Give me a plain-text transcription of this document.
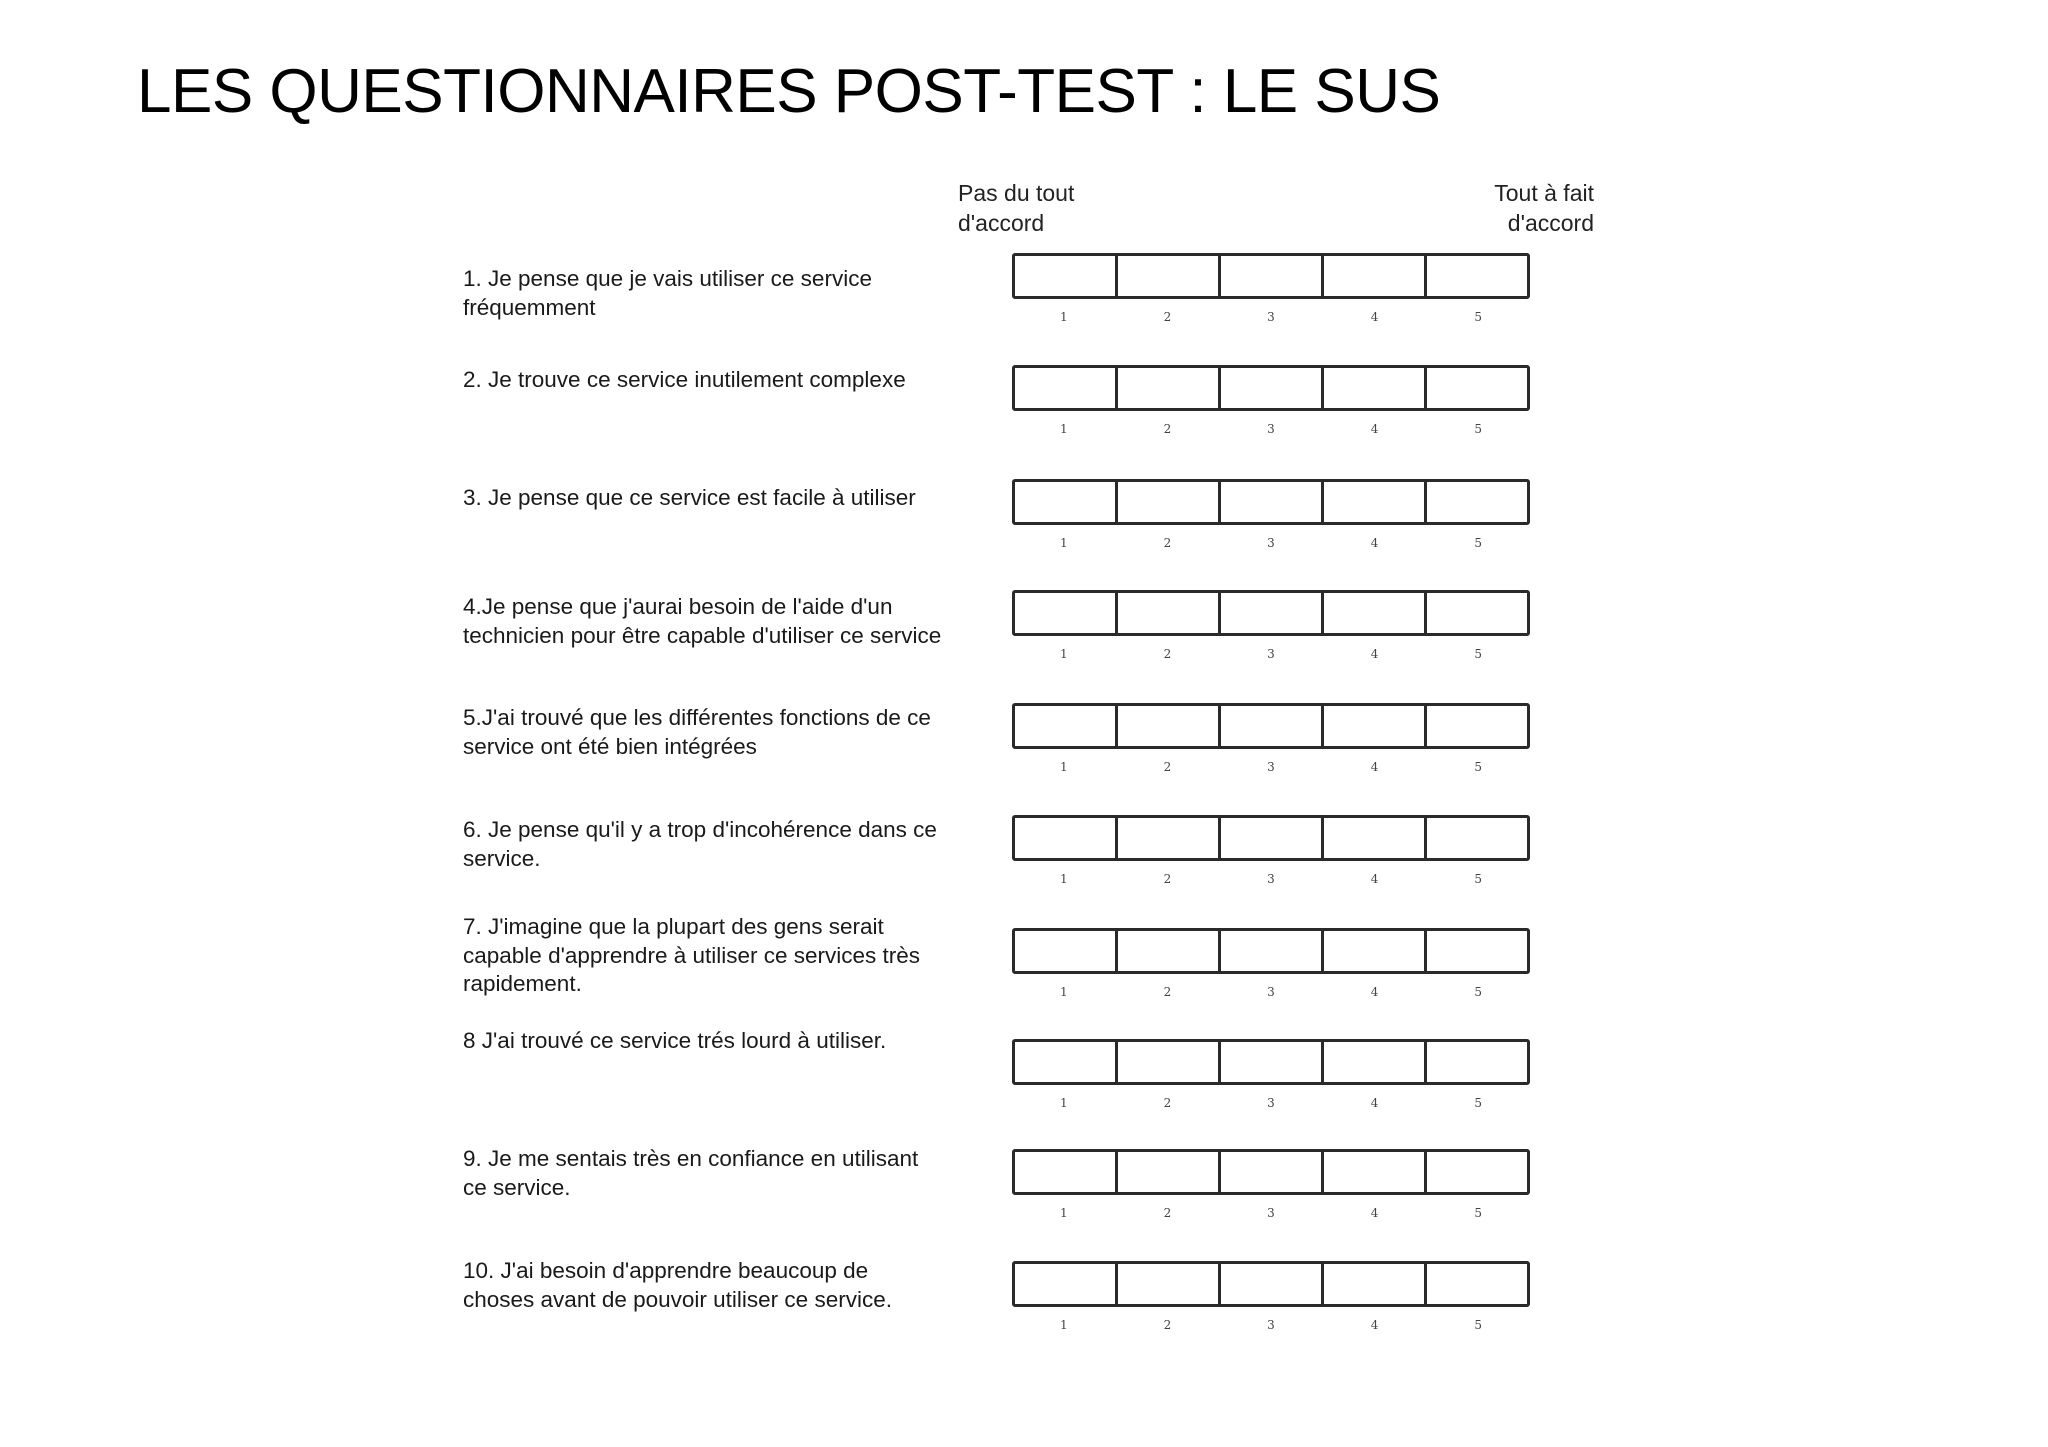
LES QUESTIONNAIRES POST-TEST : LE SUS
Pas du tout
d'accord
Tout à fait
d'accord
1. Je pense que je vais utiliser ce service
fréquemment	1	2	3	4	5
2. Je trouve ce service inutilement complexe
1	2	3	4	5
3. Je pense que ce service est facile à utiliser
1	2	3	4	5
4.Je pense que j'aurai besoin de l'aide d'un
technicien pour être capable d'utiliser ce service
1	2	3	4	5
5.J'ai trouvé que les différentes fonctions de ce
service ont été bien intégrées
1	2	3	4	5
6. Je pense qu'il y a trop d'incohérence dans ce
service.
1	2	3	4	5
7. J'imagine que la plupart des gens serait
capable d'apprendre à utiliser ce services très
rapidement.	1	2	3	4	5
8 J'ai trouvé ce service trés lourd à utiliser.
1	2	3	4	5
9. Je me sentais très en confiance en utilisant
ce service.
1	2	3	4	5
10. J'ai besoin d'apprendre beaucoup de
choses avant de pouvoir utiliser ce service.
1	2	3	4	5
